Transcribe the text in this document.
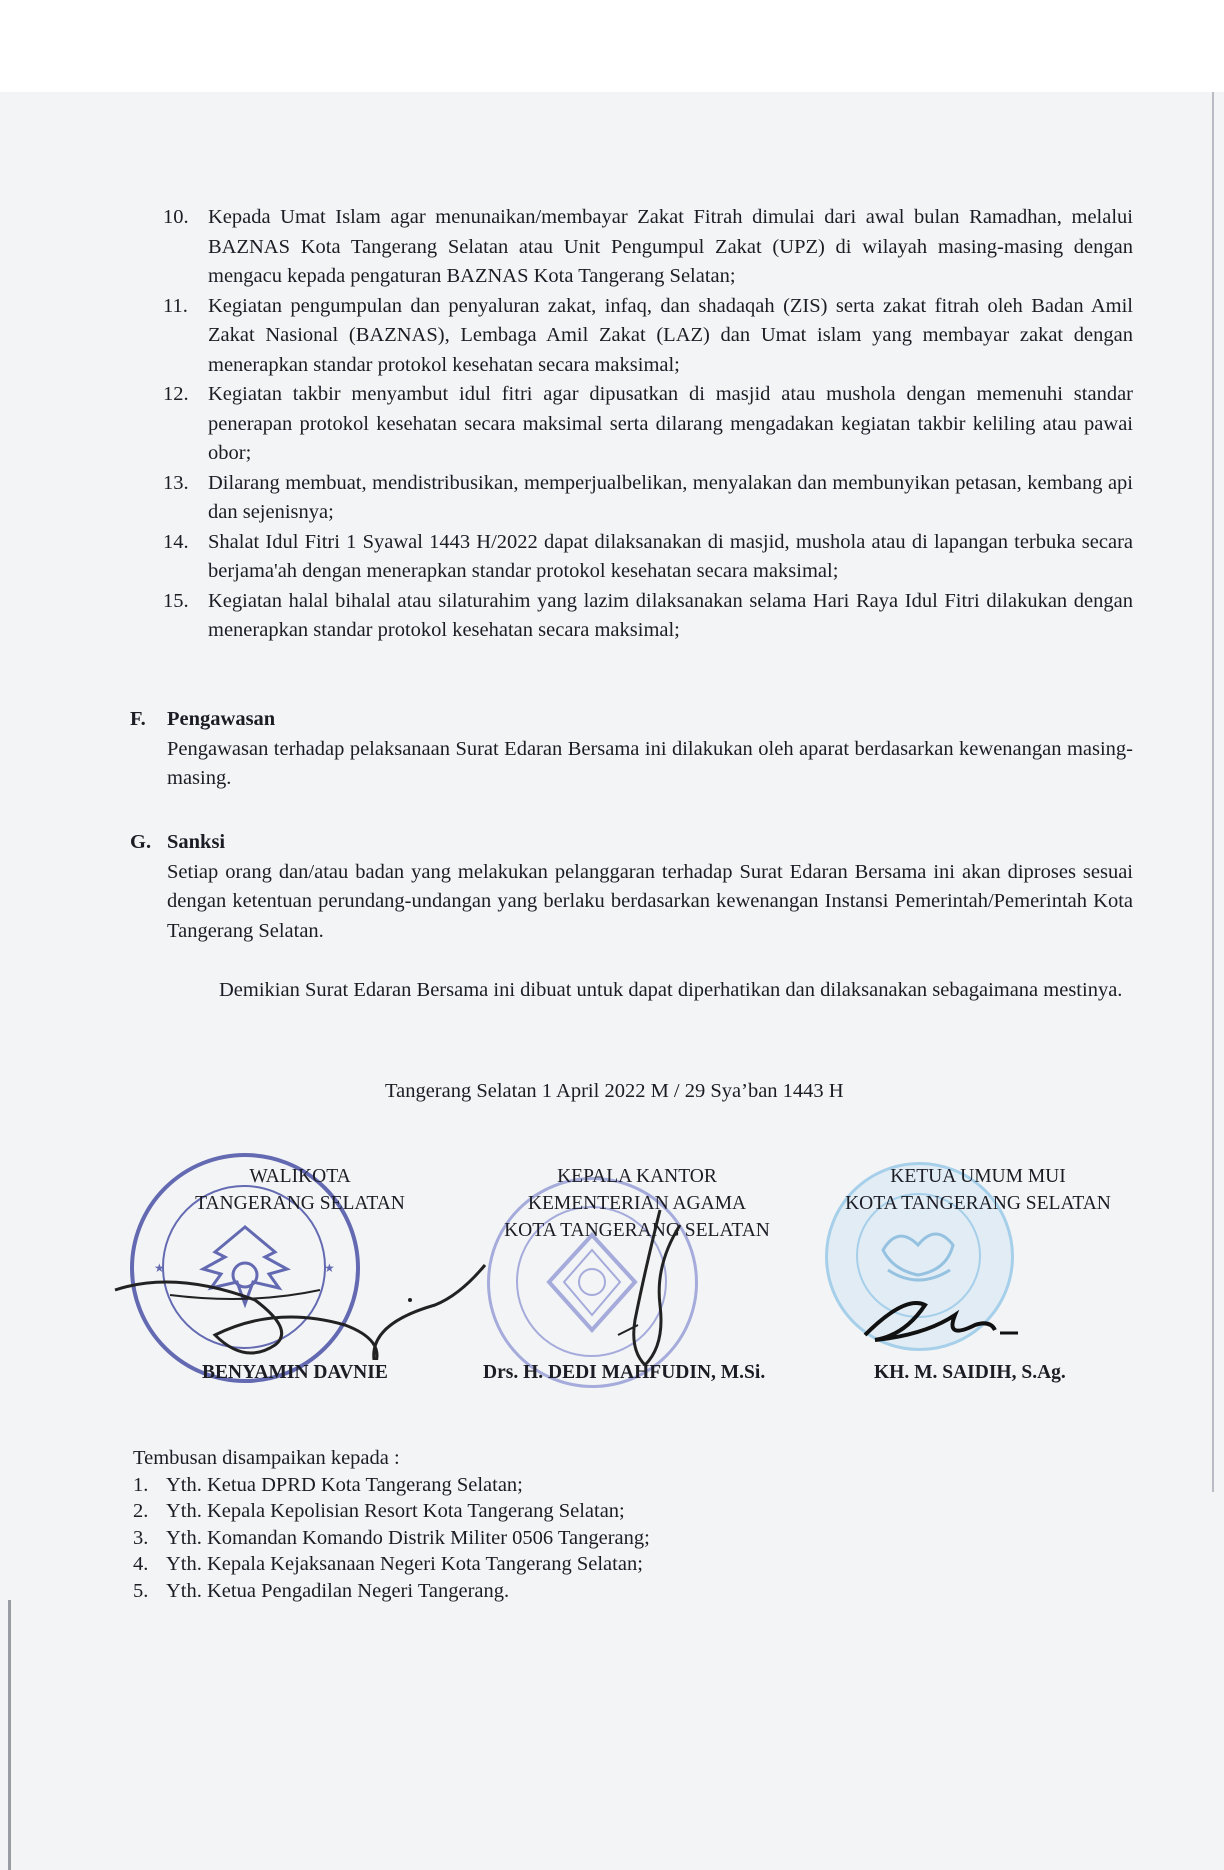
10. Kepada Umat Islam agar menunaikan/membayar Zakat Fitrah dimulai dari awal bulan Ramadhan, melalui BAZNAS Kota Tangerang Selatan atau Unit Pengumpul Zakat (UPZ) di wilayah masing-masing dengan mengacu kepada pengaturan BAZNAS Kota Tangerang Selatan;
11. Kegiatan pengumpulan dan penyaluran zakat, infaq, dan shadaqah (ZIS) serta zakat fitrah oleh Badan Amil Zakat Nasional (BAZNAS), Lembaga Amil Zakat (LAZ) dan Umat islam yang membayar zakat dengan menerapkan standar protokol kesehatan secara maksimal;
12. Kegiatan takbir menyambut idul fitri agar dipusatkan di masjid atau mushola dengan memenuhi standar penerapan protokol kesehatan secara maksimal serta dilarang mengadakan kegiatan takbir keliling atau pawai obor;
13. Dilarang membuat, mendistribusikan, memperjualbelikan, menyalakan dan membunyikan petasan, kembang api dan sejenisnya;
14. Shalat Idul Fitri 1 Syawal 1443 H/2022 dapat dilaksanakan di masjid, mushola atau di lapangan terbuka secara berjama'ah dengan menerapkan standar protokol kesehatan secara maksimal;
15. Kegiatan halal bihalal atau silaturahim yang lazim dilaksanakan selama Hari Raya Idul Fitri dilakukan dengan menerapkan standar protokol kesehatan secara maksimal;
F. Pengawasan
Pengawasan terhadap pelaksanaan Surat Edaran Bersama ini dilakukan oleh aparat berdasarkan kewenangan masing-masing.
G. Sanksi
Setiap orang dan/atau badan yang melakukan pelanggaran terhadap Surat Edaran Bersama ini akan diproses sesuai dengan ketentuan perundang-undangan yang berlaku berdasarkan kewenangan Instansi Pemerintah/Pemerintah Kota Tangerang Selatan.
Demikian Surat Edaran Bersama ini dibuat untuk dapat diperhatikan dan dilaksanakan sebagaimana mestinya.
Tangerang Selatan 1 April 2022 M / 29 Sya’ban 1443 H
★	★
WALIKOTA
TANGERANG SELATAN
BENYAMIN DAVNIE
KEPALA KANTOR
KEMENTERIAN AGAMA
KOTA TANGERANG SELATAN
Drs. H. DEDI MAHFUDIN, M.Si.
KETUA UMUM MUI
KOTA TANGERANG SELATAN
KH. M. SAIDIH, S.Ag.
Tembusan disampaikan kepada :
1. Yth. Ketua DPRD Kota Tangerang Selatan;
2. Yth. Kepala Kepolisian Resort Kota Tangerang Selatan;
3. Yth. Komandan Komando Distrik Militer 0506 Tangerang;
4. Yth. Kepala Kejaksanaan Negeri Kota Tangerang Selatan;
5. Yth. Ketua Pengadilan Negeri Tangerang.
